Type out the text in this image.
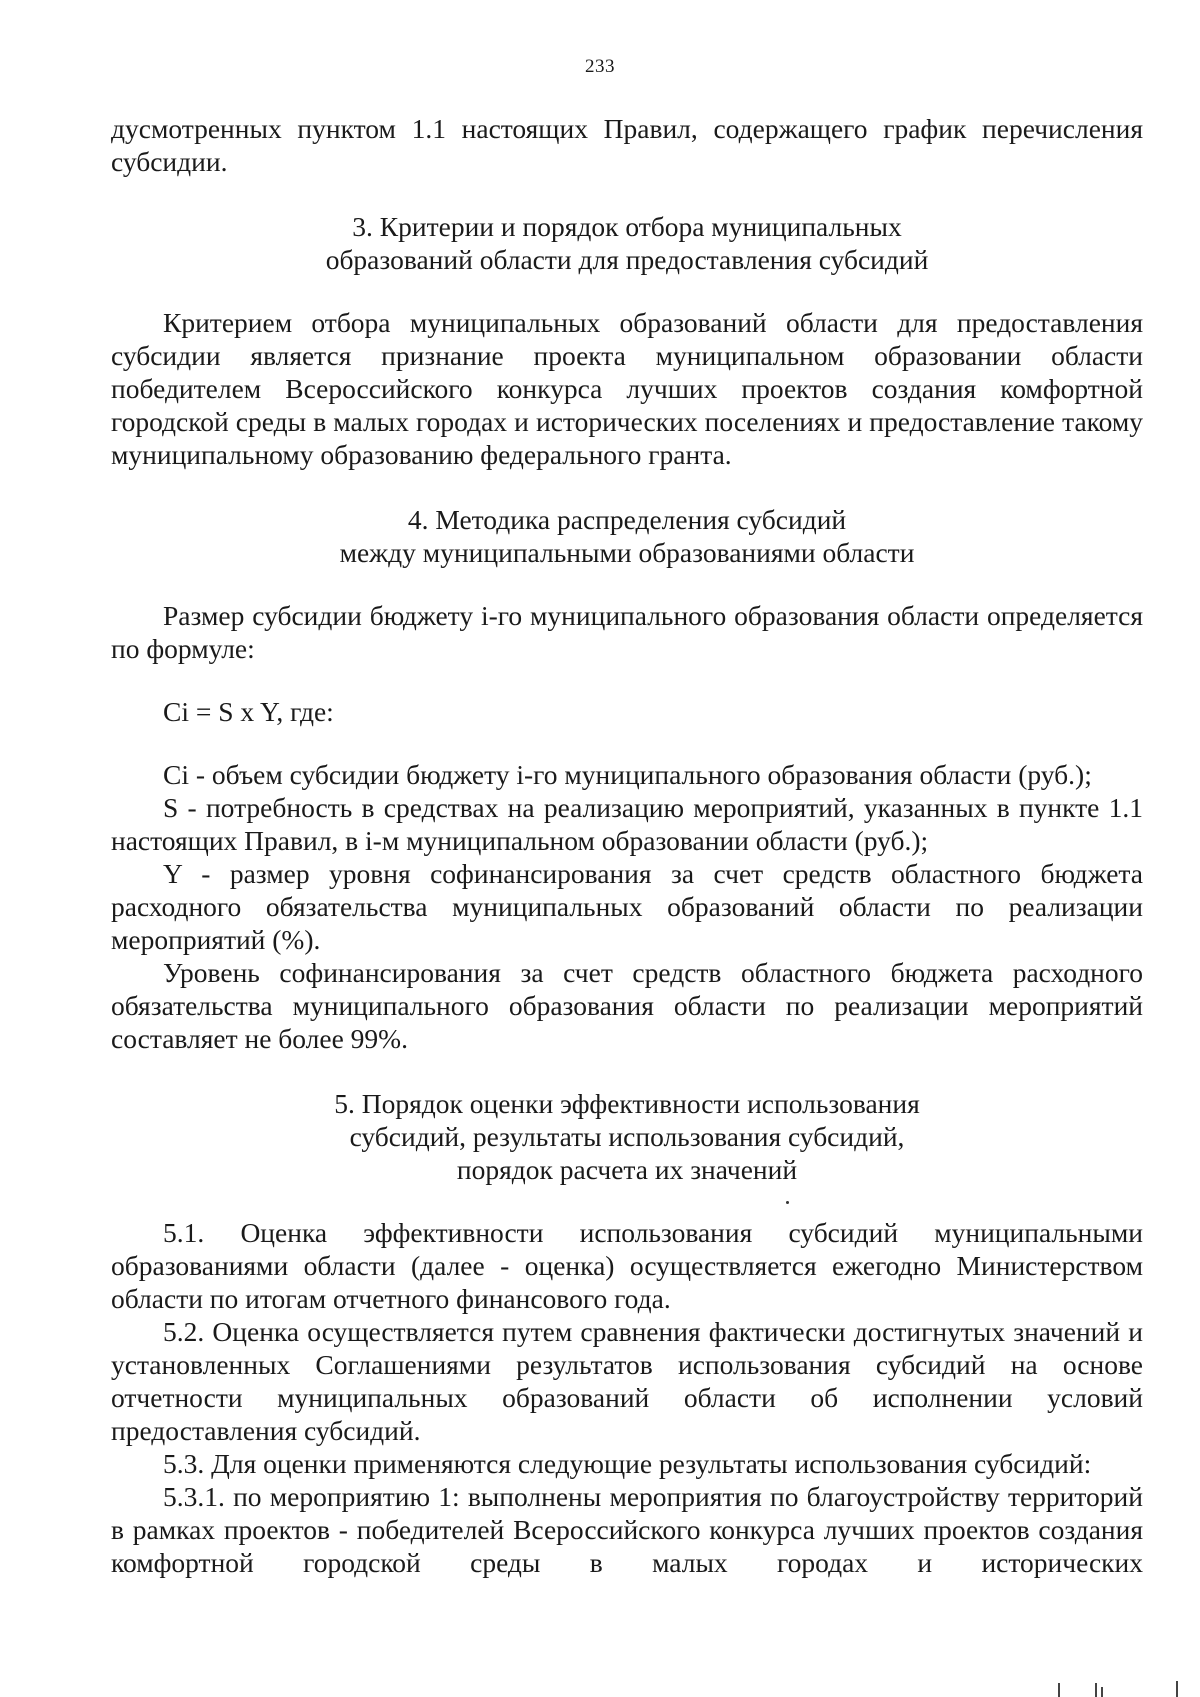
233

дусмотренных пунктом 1.1 настоящих Правил, содержащего график перечисления субсидии.

3. Критерии и порядок отбора муниципальных
образований области для предоставления субсидий

Критерием отбора муниципальных образований области для предоставления субсидии является признание проекта муниципальном образовании области победителем Всероссийского конкурса лучших проектов создания комфортной городской среды в малых городах и исторических поселениях и предоставление такому муниципальному образованию федерального гранта.

4. Методика распределения субсидий
между муниципальными образованиями области

Размер субсидии бюджету i-го муниципального образования области определяется по формуле:

Ci = S x Y, где:

Ci - объем субсидии бюджету i-го муниципального образования области (руб.);

S - потребность в средствах на реализацию мероприятий, указанных в пункте 1.1 настоящих Правил, в i-м муниципальном образовании области (руб.);

Y - размер уровня софинансирования за счет средств областного бюджета расходного обязательства муниципальных образований области по реализации мероприятий (%).

Уровень софинансирования за счет средств областного бюджета расходного обязательства муниципального образования области по реализации мероприятий составляет не более 99%.

5. Порядок оценки эффективности использования
субсидий, результаты использования субсидий,
порядок расчета их значений

5.1. Оценка эффективности использования субсидий муниципальными образованиями области (далее - оценка) осуществляется ежегодно Министерством области по итогам отчетного финансового года.

5.2. Оценка осуществляется путем сравнения фактически достигнутых значений и установленных Соглашениями результатов использования субсидий на основе отчетности муниципальных образований области об исполнении условий предоставления субсидий.

5.3. Для оценки применяются следующие результаты использования субсидий:

5.3.1. по мероприятию 1: выполнены мероприятия по благоустройству территорий в рамках проектов - победителей Всероссийского конкурса лучших проектов создания комфортной городской среды в малых городах и исторических
